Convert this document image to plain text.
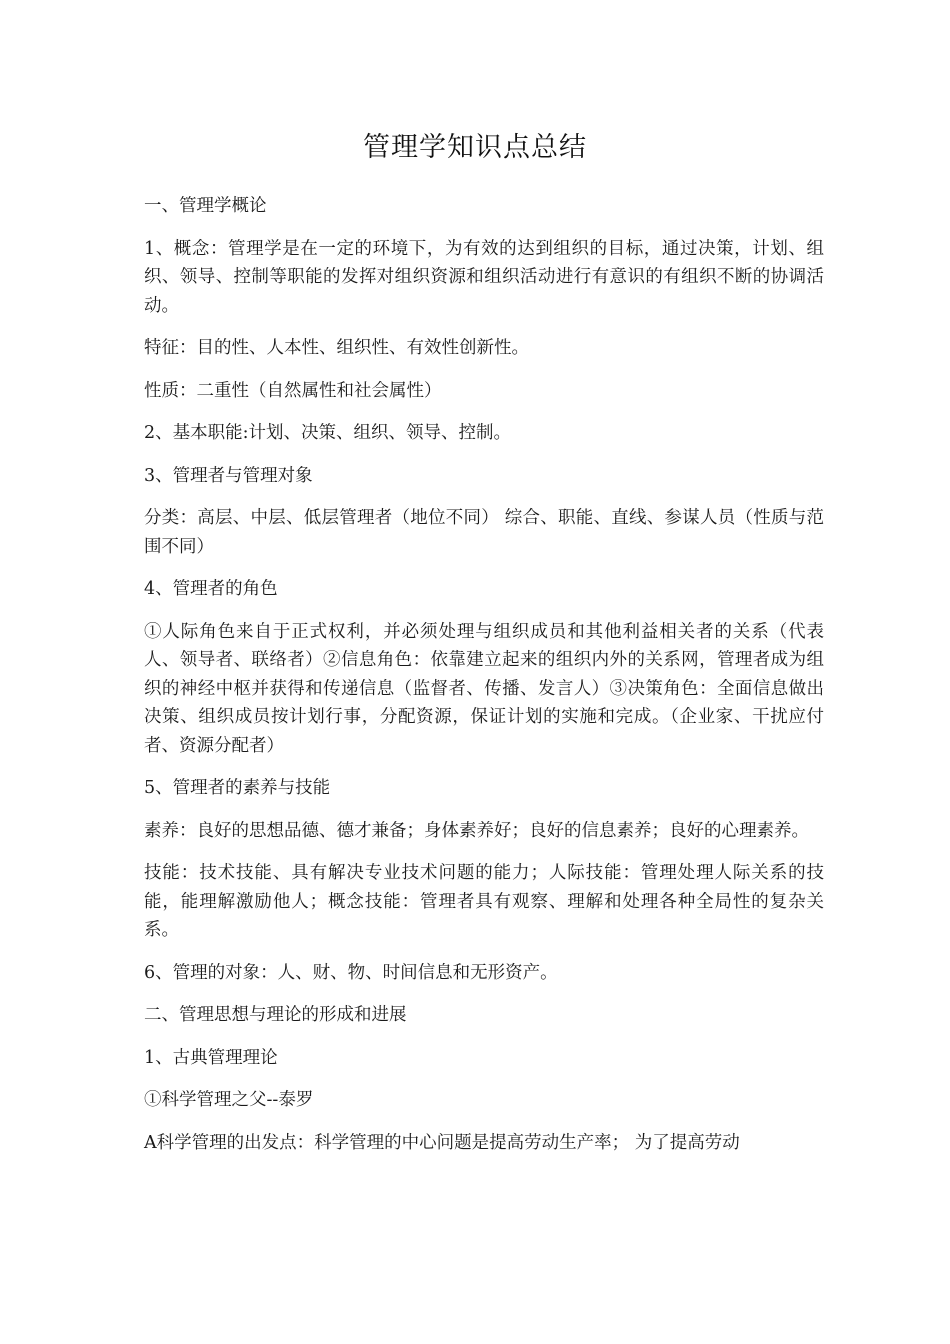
管理学知识点总结

一、管理学概论

1、概念：管理学是在一定的环境下，为有效的达到组织的目标，通过决策，计划、组织、领导、控制等职能的发挥对组织资源和组织活动进行有意识的有组织不断的协调活动。

特征：目的性、人本性、组织性、有效性创新性。

性质：二重性（自然属性和社会属性）

2、基本职能:计划、决策、组织、领导、控制。

3、管理者与管理对象

分类：高层、中层、低层管理者（地位不同） 综合、职能、直线、参谋人员（性质与范围不同）

4、管理者的角色

①人际角色来自于正式权利，并必须处理与组织成员和其他利益相关者的关系（代表人、领导者、联络者）②信息角色：依靠建立起来的组织内外的关系网，管理者成为组织的神经中枢并获得和传递信息（监督者、传播、发言人）③决策角色：全面信息做出决策、组织成员按计划行事，分配资源，保证计划的实施和完成。（企业家、干扰应付者、资源分配者）

5、管理者的素养与技能

素养：良好的思想品德、德才兼备；身体素养好；良好的信息素养；良好的心理素养。

技能：技术技能、具有解决专业技术问题的能力；人际技能：管理处理人际关系的技能，能理解激励他人；概念技能：管理者具有观察、理解和处理各种全局性的复杂关系。

6、管理的对象：人、财、物、时间信息和无形资产。

二、管理思想与理论的形成和进展

1、古典管理理论

①科学管理之父--泰罗

A科学管理的出发点：科学管理的中心问题是提高劳动生产率； 为了提高劳动
